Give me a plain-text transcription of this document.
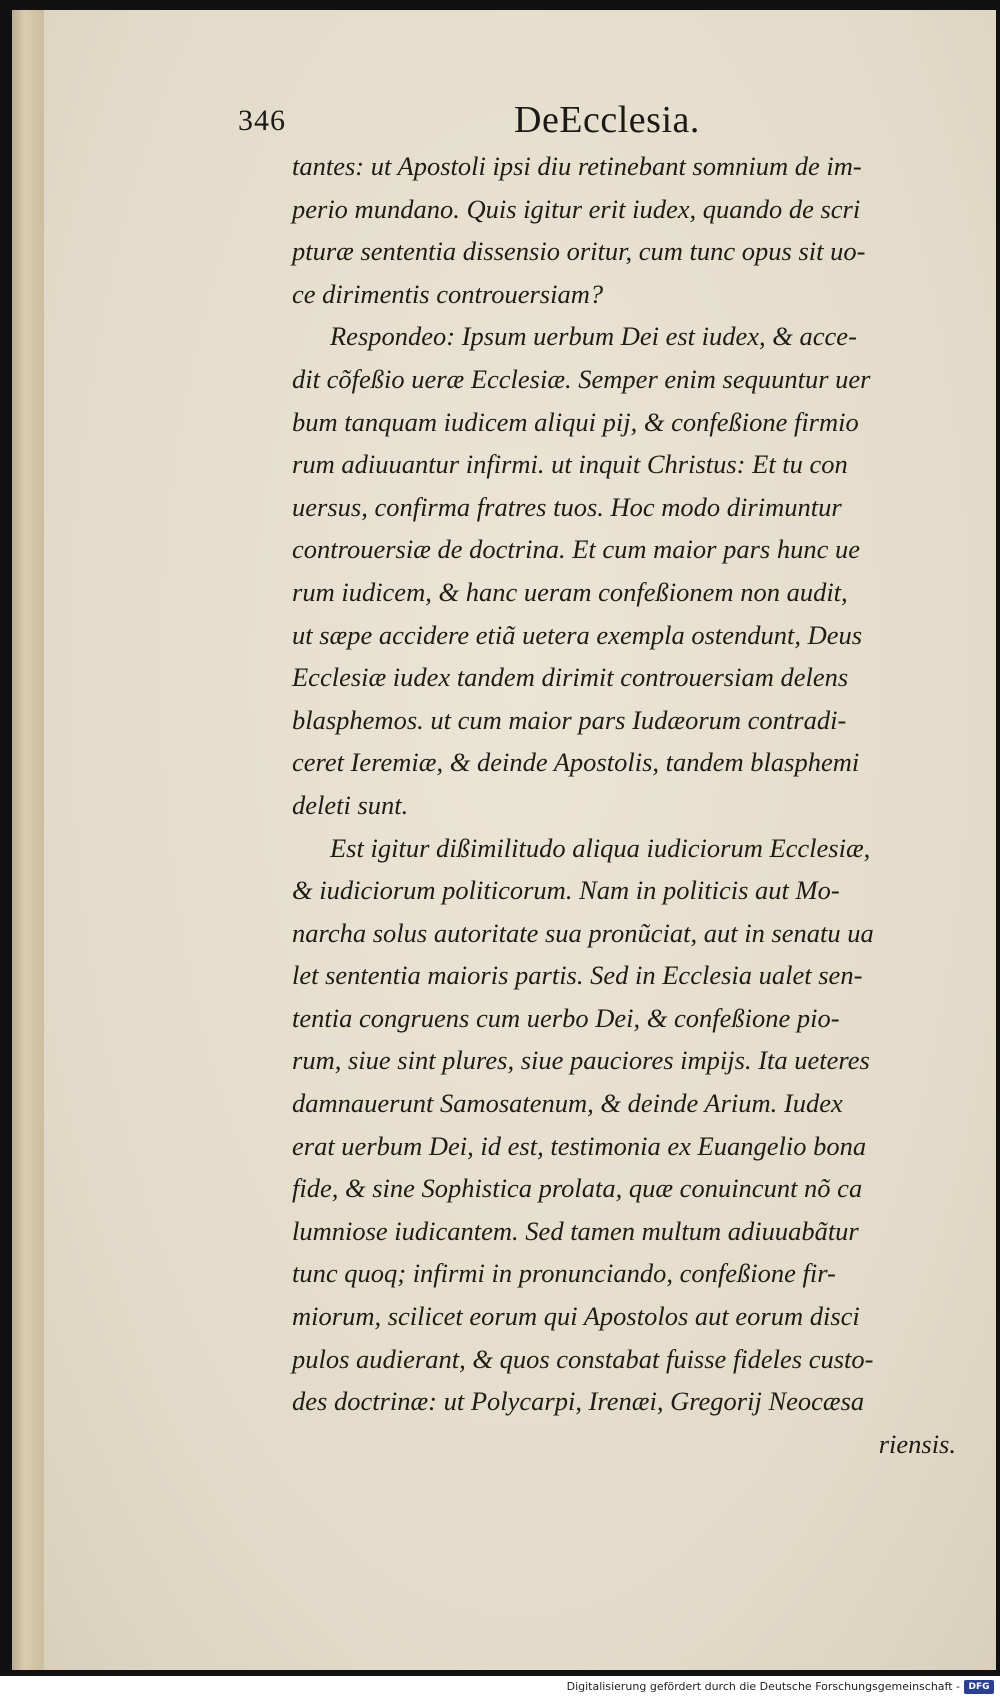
346	DeEcclesia.
tantes: ut Apostoli ipsi diu retinebant somnium de im-
perio mundano. Quis igitur erit iudex, quando de scri
pturæ sententia dissensio oritur, cum tunc opus sit uo-
ce dirimentis controuersiam?
Respondeo: Ipsum uerbum Dei est iudex, & acce-
dit cõfeßio ueræ Ecclesiæ. Semper enim sequuntur uer
bum tanquam iudicem aliqui pij, & confeßione firmio
rum adiuuantur infirmi. ut inquit Christus: Et tu con
uersus, confirma fratres tuos. Hoc modo dirimuntur
controuersiæ de doctrina. Et cum maior pars hunc ue
rum iudicem, & hanc ueram confeßionem non audit,
ut sæpe accidere etiã uetera exempla ostendunt, Deus
Ecclesiæ iudex tandem dirimit controuersiam delens
blasphemos. ut cum maior pars Iudæorum contradi-
ceret Ieremiæ, & deinde Apostolis, tandem blasphemi
deleti sunt.
Est igitur dißimilitudo aliqua iudiciorum Ecclesiæ,
& iudiciorum politicorum. Nam in politicis aut Mo-
narcha solus autoritate sua pronũciat, aut in senatu ua
let sententia maioris partis. Sed in Ecclesia ualet sen-
tentia congruens cum uerbo Dei, & confeßione pio-
rum, siue sint plures, siue pauciores impijs. Ita ueteres
damnauerunt Samosatenum, & deinde Arium. Iudex
erat uerbum Dei, id est, testimonia ex Euangelio bona
fide, & sine Sophistica prolata, quæ conuincunt nõ ca
lumniose iudicantem. Sed tamen multum adiuuabãtur
tunc quoq; infirmi in pronunciando, confeßione fir-
miorum, scilicet eorum qui Apostolos aut eorum disci
pulos audierant, & quos constabat fuisse fideles custo-
des doctrinæ: ut Polycarpi, Irenæi, Gregorij Neocæsa
riensis.
Digitalisierung gefördert durch die Deutsche Forschungsgemeinschaft - DFG
